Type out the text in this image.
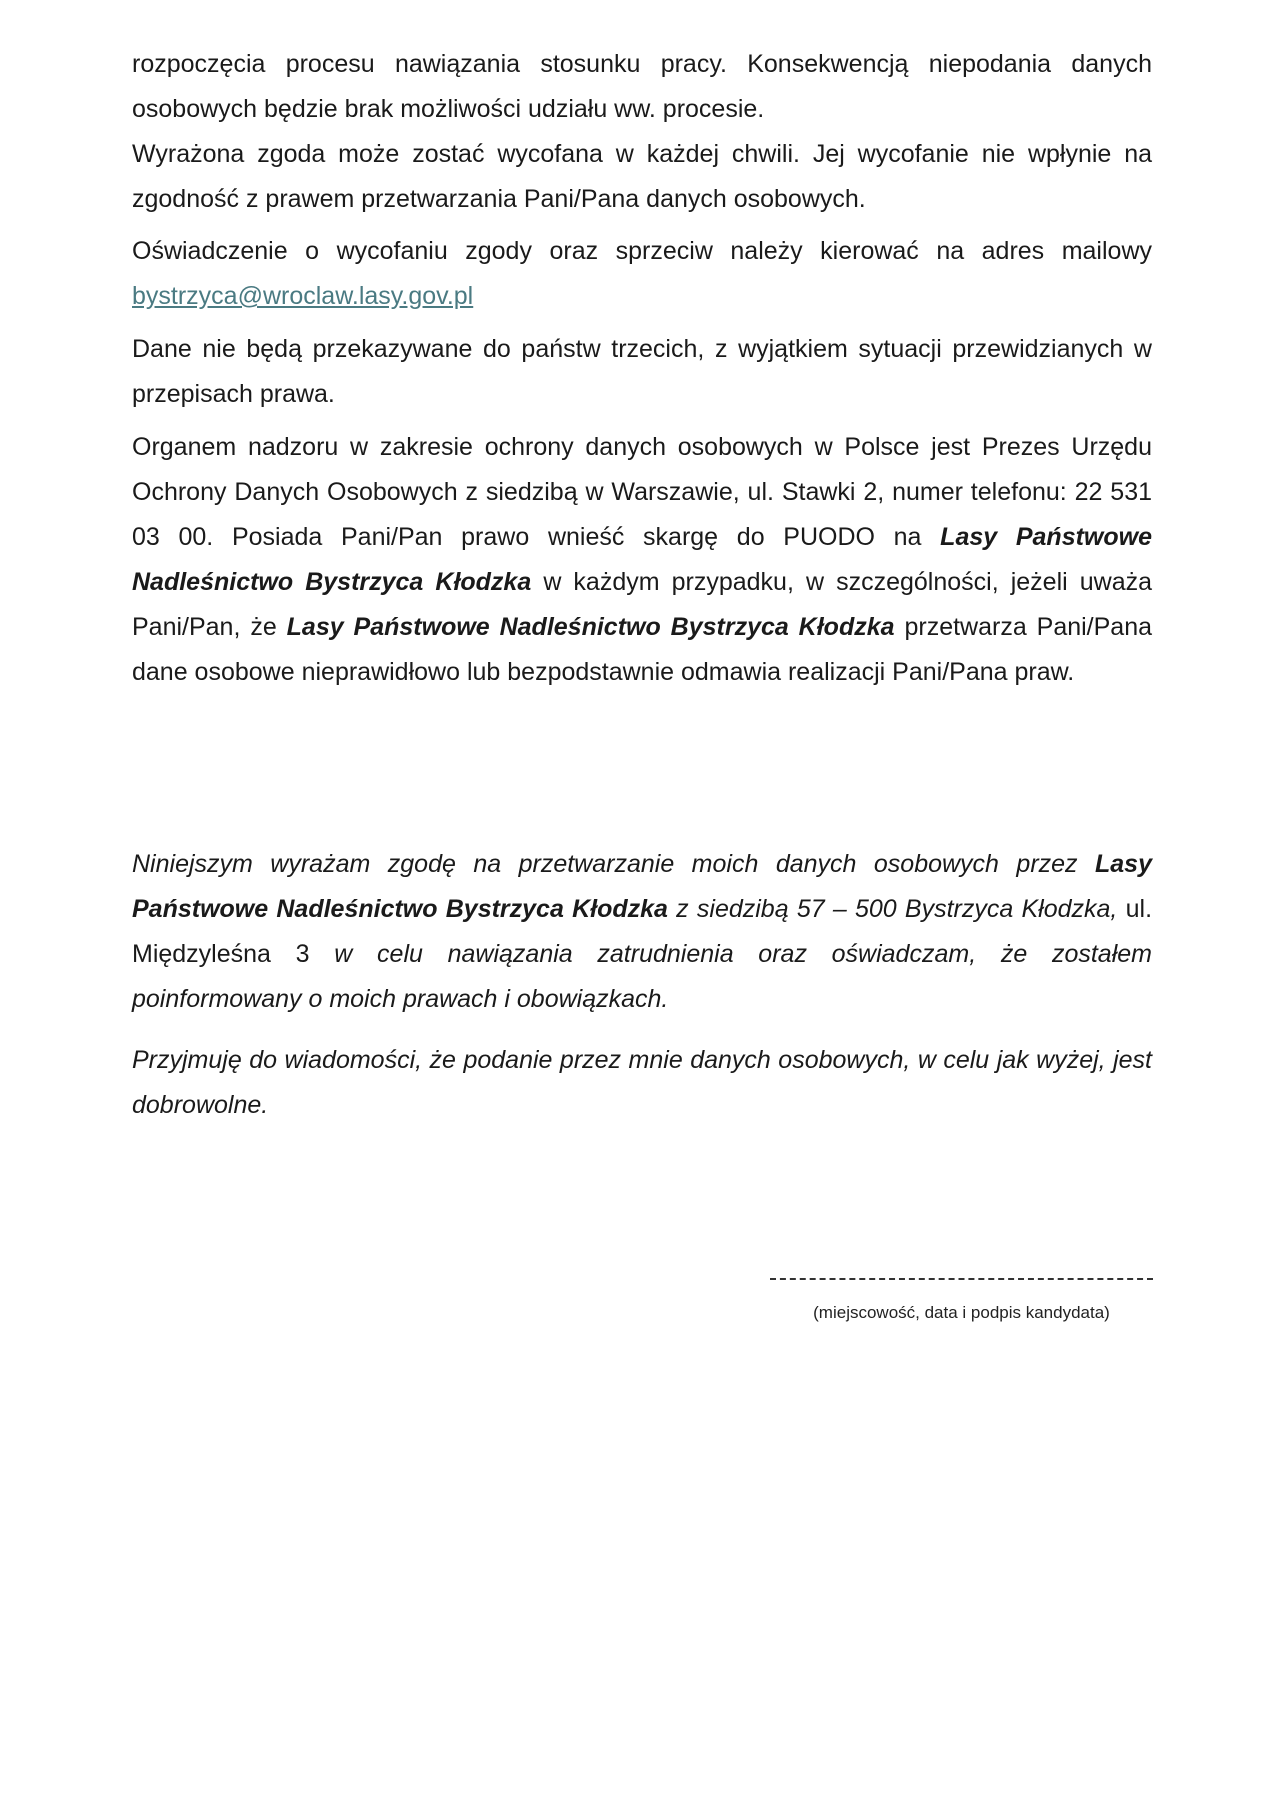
rozpoczęcia procesu nawiązania stosunku pracy. Konsekwencją niepodania danych osobowych będzie brak możliwości udziału ww. procesie.

Wyrażona zgoda może zostać wycofana w każdej chwili. Jej wycofanie nie wpłynie na zgodność z prawem przetwarzania Pani/Pana danych osobowych.

Oświadczenie o wycofaniu zgody oraz sprzeciw należy kierować na adres mailowy bystrzyca@wroclaw.lasy.gov.pl

Dane nie będą przekazywane do państw trzecich, z wyjątkiem sytuacji przewidzianych w przepisach prawa.

Organem nadzoru w zakresie ochrony danych osobowych w Polsce jest Prezes Urzędu Ochrony Danych Osobowych z siedzibą w Warszawie, ul. Stawki 2, numer telefonu: 22 531 03 00. Posiada Pani/Pan prawo wnieść skargę do PUODO na Lasy Państwowe Nadleśnictwo Bystrzyca Kłodzka w każdym przypadku, w szczególności, jeżeli uważa Pani/Pan, że Lasy Państwowe Nadleśnictwo Bystrzyca Kłodzka przetwarza Pani/Pana dane osobowe nieprawidłowo lub bezpodstawnie odmawia realizacji Pani/Pana praw.

Niniejszym wyrażam zgodę na przetwarzanie moich danych osobowych przez Lasy Państwowe Nadleśnictwo Bystrzyca Kłodzka z siedzibą 57 – 500 Bystrzyca Kłodzka, ul. Międzyleśna 3 w celu nawiązania zatrudnienia oraz oświadczam, że zostałem poinformowany o moich prawach i obowiązkach.

Przyjmuję do wiadomości, że podanie przez mnie danych osobowych, w celu jak wyżej, jest dobrowolne.

(miejscowość, data i podpis kandydata)
